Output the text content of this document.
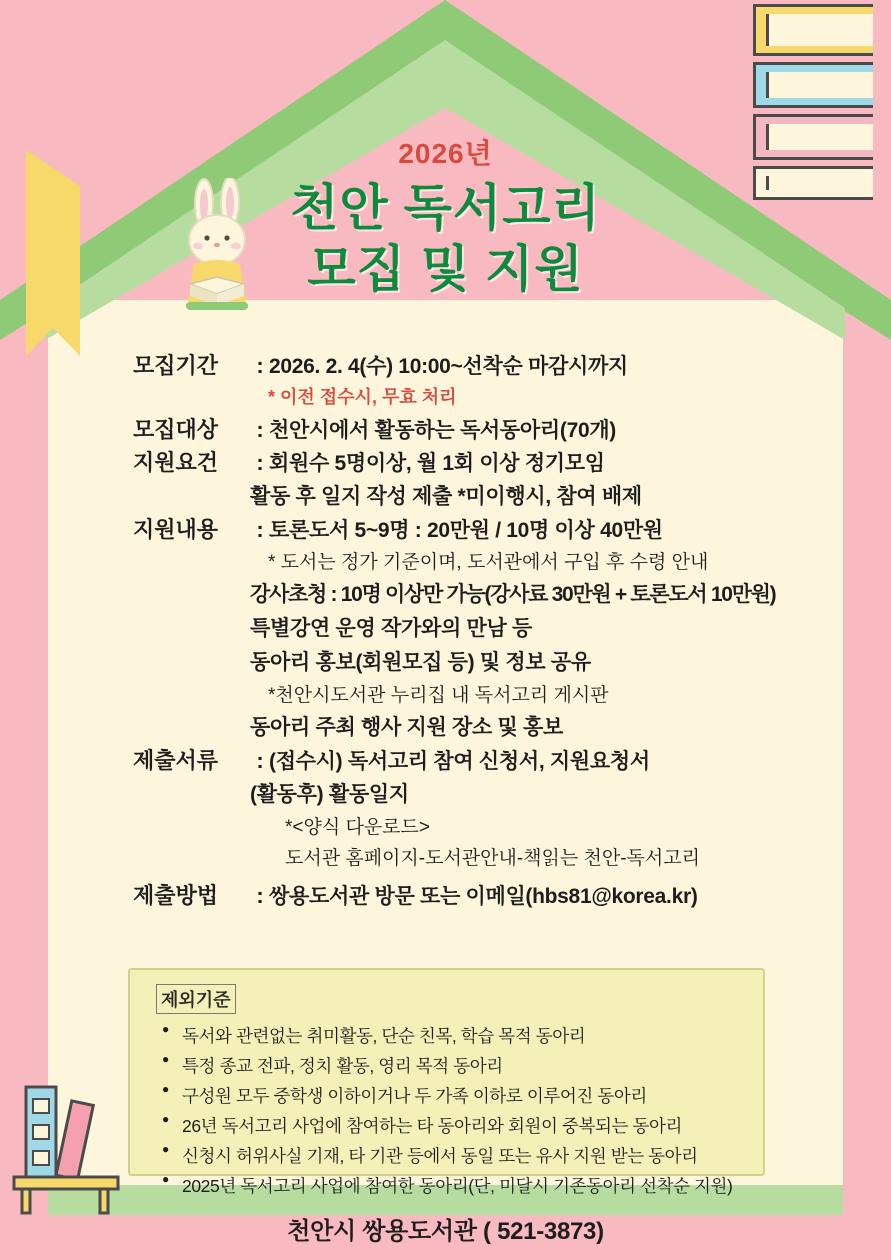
2026년
천안 독서고리
모집 및 지원
모집기간	: 2026. 2. 4(수) 10:00~선착순 마감시까지
* 이전 접수시, 무효 처리
모집대상	: 천안시에서 활동하는 독서동아리(70개)
지원요건	: 회원수 5명이상, 월 1회 이상 정기모임
활동 후 일지 작성 제출 *미이행시, 참여 배제
지원내용	: 토론도서 5~9명 : 20만원 / 10명 이상 40만원
* 도서는 정가 기준이며, 도서관에서 구입 후 수령 안내
강사초청 : 10명 이상만 가능(강사료 30만원 + 토론도서 10만원)
특별강연 운영 작가와의 만남 등
동아리 홍보(회원모집 등) 및 정보 공유
*천안시도서관 누리집 내 독서고리 게시판
동아리 주최 행사 지원 장소 및 홍보
제출서류	: (접수시) 독서고리 참여 신청서, 지원요청서
(활동후) 활동일지
*<양식 다운로드>
도서관 홈페이지-도서관안내-책읽는 천안-독서고리
제출방법	: 쌍용도서관 방문 또는 이메일(hbs81@korea.kr)
제외기준
● 독서와 관련없는 취미활동, 단순 친목, 학습 목적 동아리
● 특정 종교 전파, 정치 활동, 영리 목적 동아리
● 구성원 모두 중학생 이하이거나 두 가족 이하로 이루어진 동아리
● 26년 독서고리 사업에 참여하는 타 동아리와 회원이 중복되는 동아리
● 신청시 허위사실 기재, 타 기관 등에서 동일 또는 유사 지원 받는 동아리
● 2025년 독서고리 사업에 참여한 동아리(단, 미달시 기존동아리 선착순 지원)
천안시 쌍용도서관 ( 521-3873)
